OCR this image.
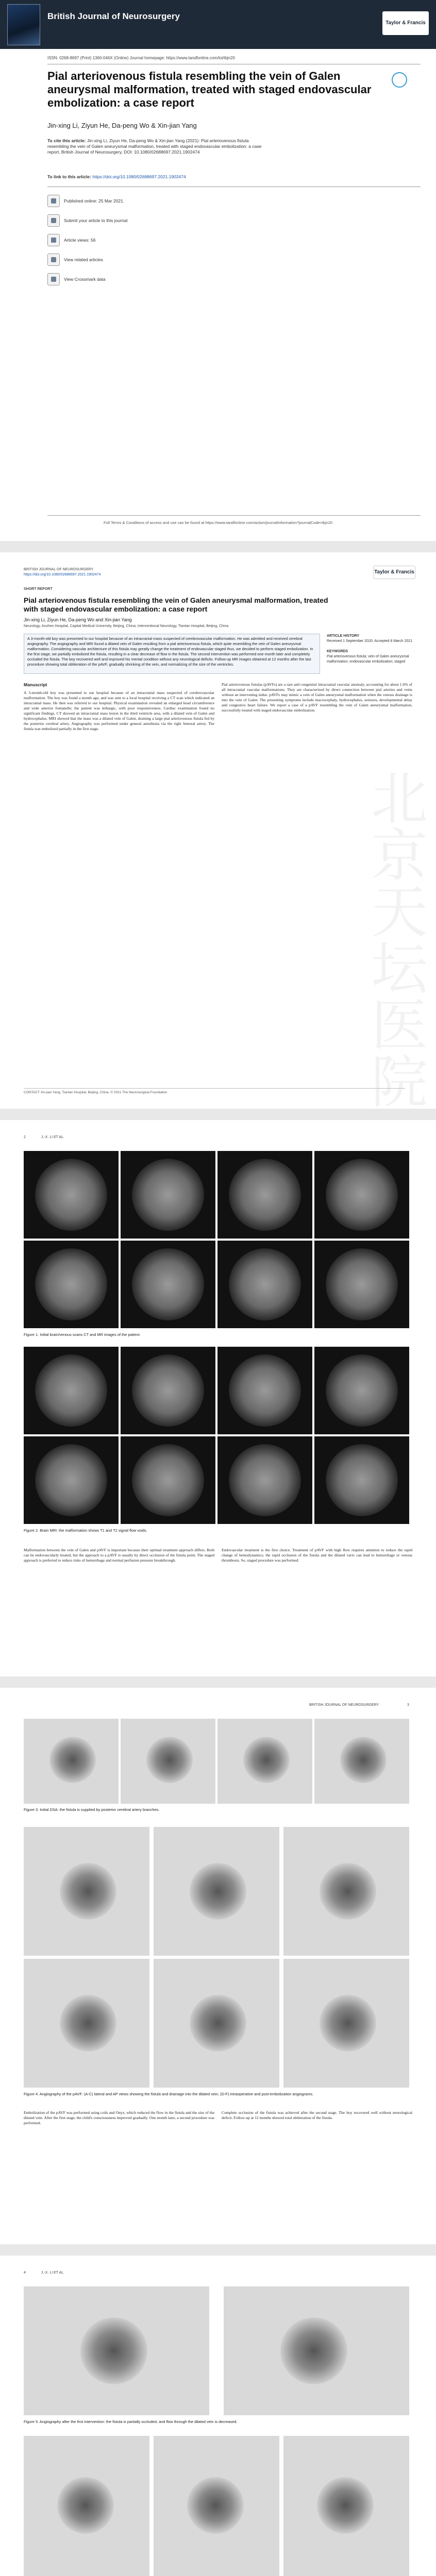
British Journal of Neurosurgery
Taylor & Francis
ISSN: 0268-8697 (Print) 1360-046X (Online) Journal homepage: https://www.tandfonline.com/loi/ibjn20
Pial arteriovenous fistula resembling the vein of Galen aneurysmal malformation, treated with staged endovascular embolization: a case report
Jin-xing Li, Ziyun He, Da-peng Wo & Xin-jian Yang
To cite this article: Jin-xing Li, Ziyun He, Da-peng Wo & Xin-jian Yang (2021): Pial arteriovenous fistula resembling the vein of Galen aneurysmal malformation, treated with staged endovascular embolization: a case report, British Journal of Neurosurgery, DOI: 10.1080/02688697.2021.1902474
To link to this article: https://doi.org/10.1080/02688697.2021.1902474
Published online: 25 Mar 2021.
Submit your article to this journal
Article views: 56
View related articles
View Crossmark data
Full Terms & Conditions of access and use can be found at https://www.tandfonline.com/action/journalInformation?journalCode=ibjn20
BRITISH JOURNAL OF NEUROSURGERY
https://doi.org/10.1080/02688697.2021.1902474	Taylor & Francis
SHORT REPORT
Pial arteriovenous fistula resembling the vein of Galen aneurysmal malformation, treated with staged endovascular embolization: a case report
Jin-xing Li, Ziyun He, Da-peng Wo and Xin-jian Yang
Neurology, Anzhen Hospital, Capital Medical University, Beijing, China; Interventional Neurology, Tiantan Hospital, Beijing, China
A 3-month-old boy was presented to our hospital because of an intracranial mass suspected of cerebrovascular malformation. He was admitted and received cerebral angiography. The angiography and MRI found a dilated vein of Galen resulting from a pial arteriovenous fistula, which quite resembling the vein of Galen aneurysmal malformation. Considering vascular architecture of this fistula may greatly change the treatment of endovascular staged thus, we decided to perform staged embolization. In the first stage, we partially embolized the fistula, resulting in a clear decrease of flow in the fistula. The second intervention was performed one month later and completely occluded the fistula. The boy recovered well and improved his mental condition without any neurological deficits. Follow-up MR images obtained at 12 months after the last procedure showing total obliteration of the pAVF, gradually shrinking of the vein, and normalizing of the size of the ventricles.
ARTICLE HISTORY
Received 1 September 2020; Accepted 8 March 2021

KEYWORDS
Pial arteriovenous fistula; vein of Galen aneurysmal malformation; endovascular embolization; staged
Manuscript
A 3-month-old boy was presented to our hospital because of an intracranial mass suspected of cerebrovascular malformation. The boy was found a month ago, and was sent to a local hospital receiving a CT scan which indicated an intracranial mass. He then was referred to our hospital. Physical examination revealed an enlarged head circumference and wide anterior fontanelle; the patient was lethargic, with poor responsiveness. Cardiac examination found no significant findings. CT showed an intracranial mass lesion in the third ventricle area, with a dilated vein of Galen and hydrocephalus. MRI showed that the mass was a dilated vein of Galen, draining a large pial arteriovenous fistula fed by the posterior cerebral artery. Angiography was performed under general anesthesia via the right femoral artery. The fistula was embolized partially in the first stage.
Pial arteriovenous fistulas (pAVFs) are a rare and congenital intracranial vascular anomaly, accounting for about 1.6% of all intracranial vascular malformations. They are characterized by direct connection between pial arteries and veins without an intervening nidus. pAVFs may mimic a vein of Galen aneurysmal malformation when the venous drainage is into the vein of Galen. The presenting symptoms include macrocephaly, hydrocephalus, seizures, developmental delay and congestive heart failure. We report a case of a pAVF resembling the vein of Galen aneurysmal malformation, successfully treated with staged endovascular embolization.
北京天坛医院
CONTACT Xin-jian Yang, Tiantan Hospital, Beijing, China. © 2021 The Neurosurgical Foundation
2	J.-X. LI ET AL.
Figure 1. Initial brain/venous scans CT and MR images of the patient.
Figure 2. Brain MRI: the malformation shows T1 and T2 signal flow voids.
Malformation between the vein of Galen and pAVF is important because their optimal treatment approach differs. Both can be endovascularly treated, but the approach to a pAVF is usually by direct occlusion of the fistula point. The staged approach is preferred to reduce risks of hemorrhage and normal perfusion pressure breakthrough.
Endovascular treatment is the first choice. Treatment of pAVF with high flow requires attention to reduce the rapid change of hemodynamics; the rapid occlusion of the fistula and the dilated varix can lead to hemorrhage or venous thrombosis. So, staged procedure was performed.
BRITISH JOURNAL OF NEUROSURGERY	3
Figure 3. Initial DSA: the fistula is supplied by posterior cerebral artery branches.
Figure 4. Angiography of the pAVF: (A-C) lateral and AP views showing the fistula and drainage into the dilated vein; (D-F) intraoperative and post-embolization angiograms.
Embolization of the pAVF was performed using coils and Onyx, which reduced the flow in the fistula and the size of the dilated vein. After the first stage, the child's consciousness improved gradually. One month later, a second procedure was performed.
Complete occlusion of the fistula was achieved after the second stage. The boy recovered well without neurological deficit. Follow-up at 12 months showed total obliteration of the fistula.
4	J.-X. LI ET AL.
Figure 5. Angiography after the first intervention: the fistula is partially occluded, and flow through the dilated vein is decreased.
